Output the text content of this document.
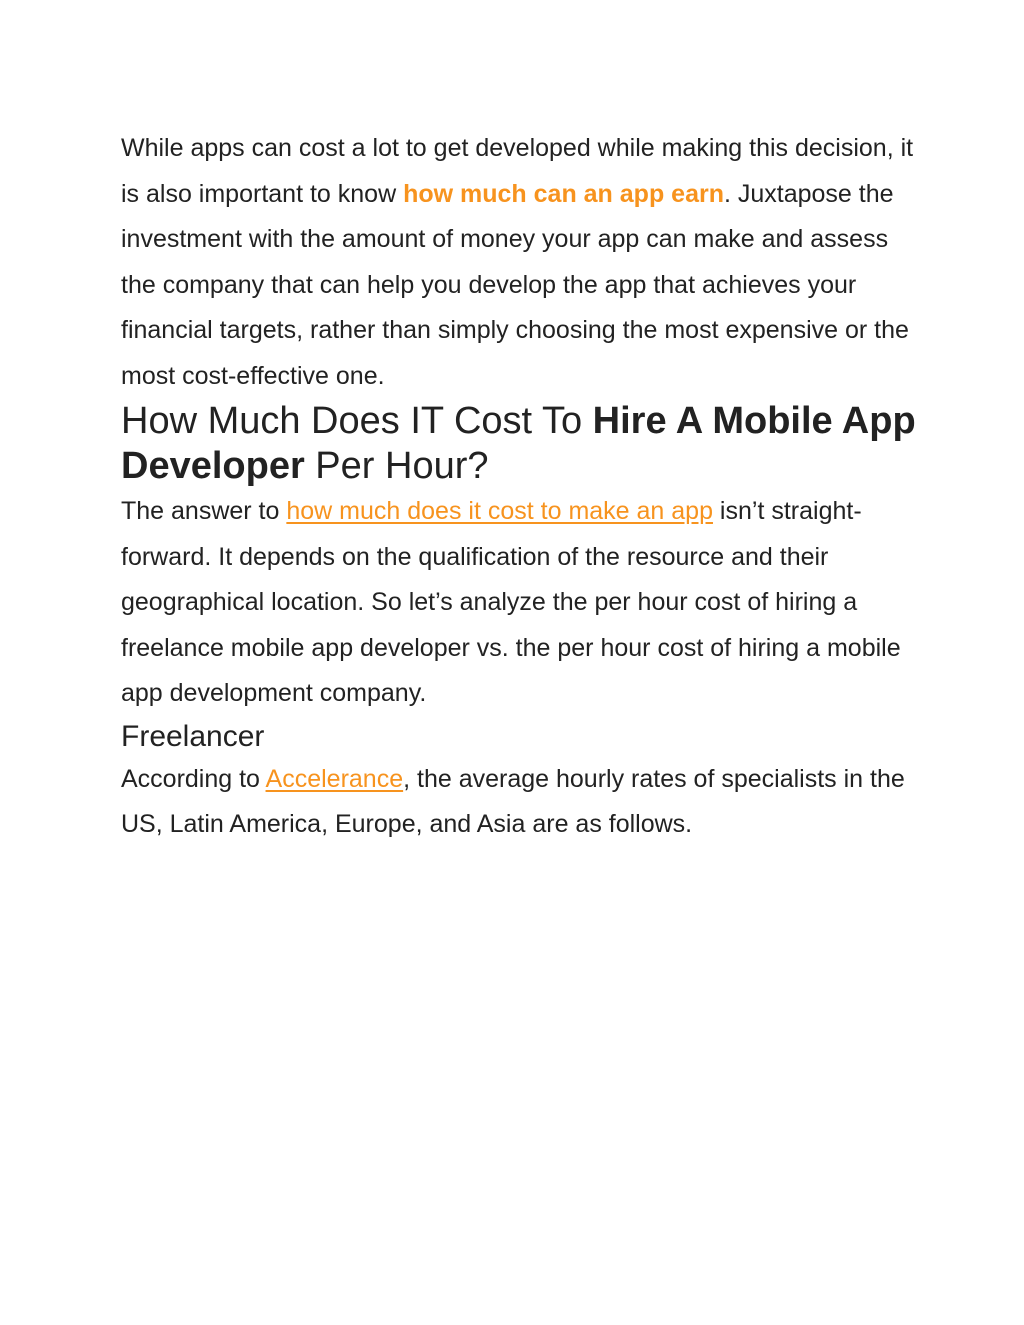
While apps can cost a lot to get developed while making this decision, it is also important to know how much can an app earn. Juxtapose the investment with the amount of money your app can make and assess the company that can help you develop the app that achieves your financial targets, rather than simply choosing the most expensive or the most cost-effective one.

How Much Does IT Cost To Hire A Mobile App Developer Per Hour?

The answer to how much does it cost to make an app isn’t straight-forward. It depends on the qualification of the resource and their geographical location. So let’s analyze the per hour cost of hiring a freelance mobile app developer vs. the per hour cost of hiring a mobile app development company.

Freelancer

According to Accelerance, the average hourly rates of specialists in the US, Latin America, Europe, and Asia are as follows.
